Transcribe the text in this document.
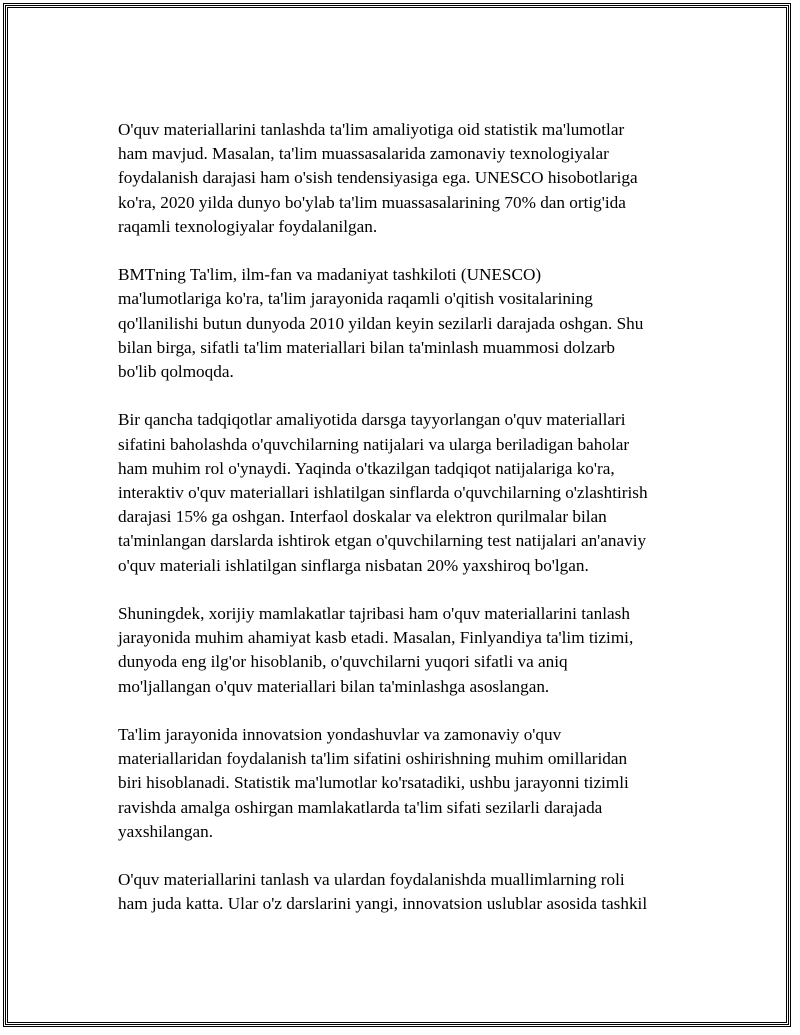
O'quv materiallarini tanlashda ta'lim amaliyotiga oid statistik ma'lumotlar
ham mavjud. Masalan, ta'lim muassasalarida zamonaviy texnologiyalar
foydalanish darajasi ham o'sish tendensiyasiga ega. UNESCO hisobotlariga
ko'ra, 2020 yilda dunyo bo'ylab ta'lim muassasalarining 70% dan ortig'ida
raqamli texnologiyalar foydalanilgan.

BMTning Ta'lim, ilm-fan va madaniyat tashkiloti (UNESCO)
ma'lumotlariga ko'ra, ta'lim jarayonida raqamli o'qitish vositalarining
qo'llanilishi butun dunyoda 2010 yildan keyin sezilarli darajada oshgan. Shu
bilan birga, sifatli ta'lim materiallari bilan ta'minlash muammosi dolzarb
bo'lib qolmoqda.

Bir qancha tadqiqotlar amaliyotida darsga tayyorlangan o'quv materiallari
sifatini baholashda o'quvchilarning natijalari va ularga beriladigan baholar
ham muhim rol o'ynaydi. Yaqinda o'tkazilgan tadqiqot natijalariga ko'ra,
interaktiv o'quv materiallari ishlatilgan sinflarda o'quvchilarning o'zlashtirish
darajasi 15% ga oshgan. Interfaol doskalar va elektron qurilmalar bilan
ta'minlangan darslarda ishtirok etgan o'quvchilarning test natijalari an'anaviy
o'quv materiali ishlatilgan sinflarga nisbatan 20% yaxshiroq bo'lgan.

Shuningdek, xorijiy mamlakatlar tajribasi ham o'quv materiallarini tanlash
jarayonida muhim ahamiyat kasb etadi. Masalan, Finlyandiya ta'lim tizimi,
dunyoda eng ilg'or hisoblanib, o'quvchilarni yuqori sifatli va aniq
mo'ljallangan o'quv materiallari bilan ta'minlashga asoslangan.

Ta'lim jarayonida innovatsion yondashuvlar va zamonaviy o'quv
materiallaridan foydalanish ta'lim sifatini oshirishning muhim omillaridan
biri hisoblanadi. Statistik ma'lumotlar ko'rsatadiki, ushbu jarayonni tizimli
ravishda amalga oshirgan mamlakatlarda ta'lim sifati sezilarli darajada
yaxshilangan.

O'quv materiallarini tanlash va ulardan foydalanishda muallimlarning roli
ham juda katta. Ular o'z darslarini yangi, innovatsion uslublar asosida tashkil
